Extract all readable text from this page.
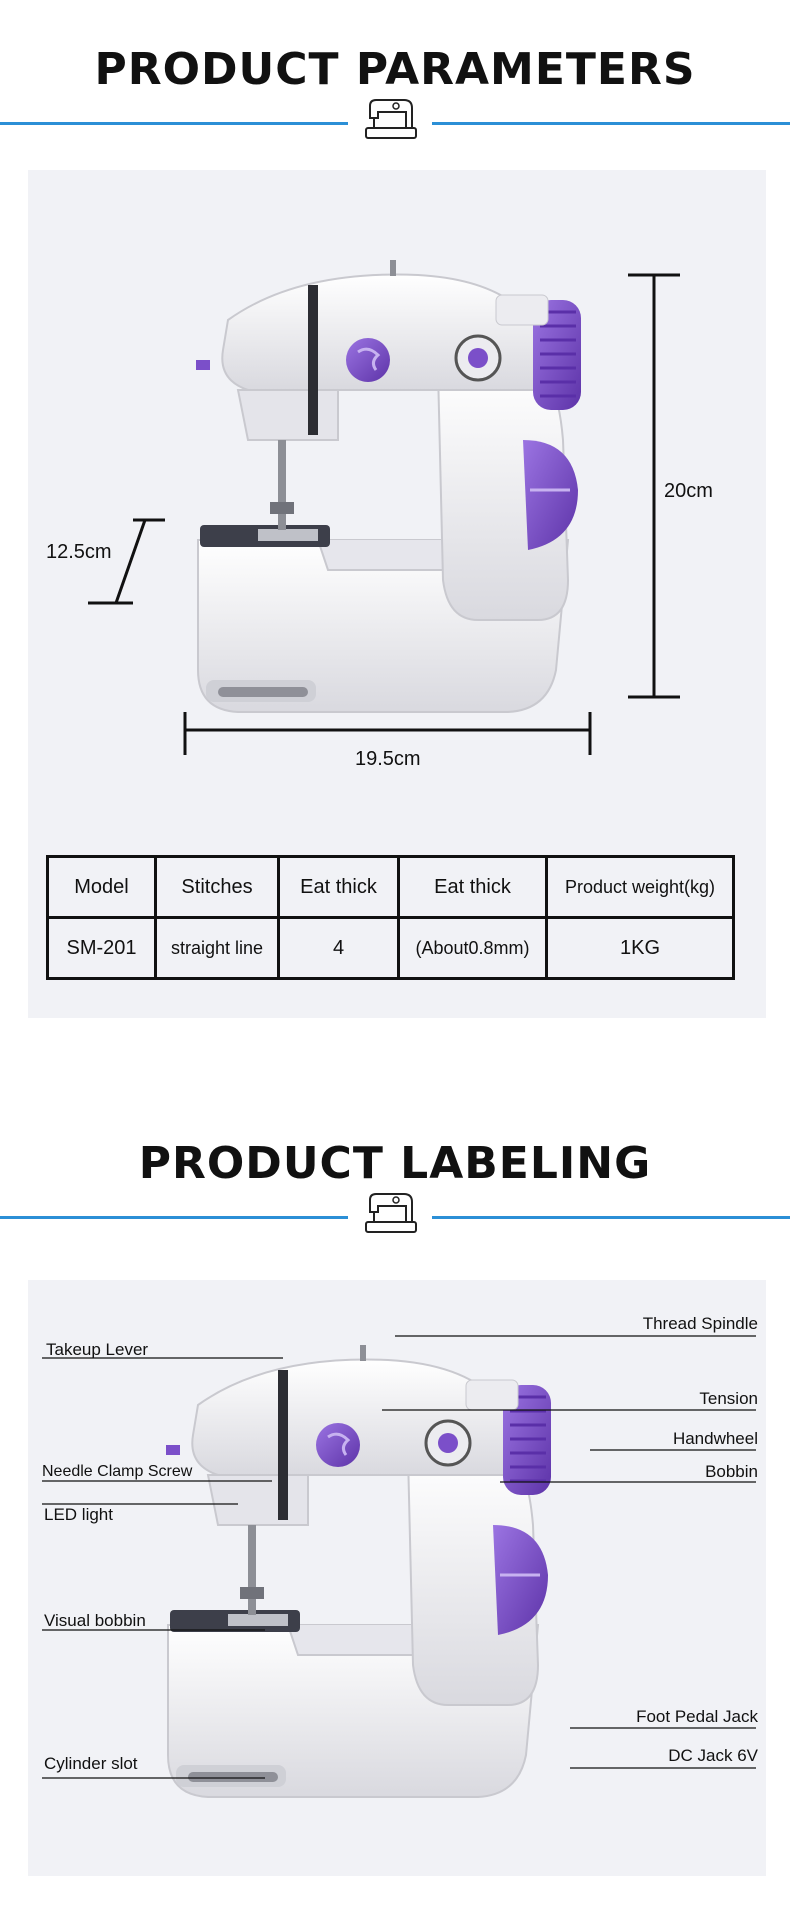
PRODUCT PARAMETERS
20cm
19.5cm
12.5cm
Model	Stitches	Eat thick	Eat thick	Product weight(kg)
SM-201	straight line	4	(About0.8mm)	1KG
PRODUCT LABELING
Takeup Lever
Needle Clamp Screw
LED light
Visual bobbin
Cylinder slot
Thread Spindle
Tension
Handwheel
Bobbin
Foot Pedal Jack
DC Jack 6V
